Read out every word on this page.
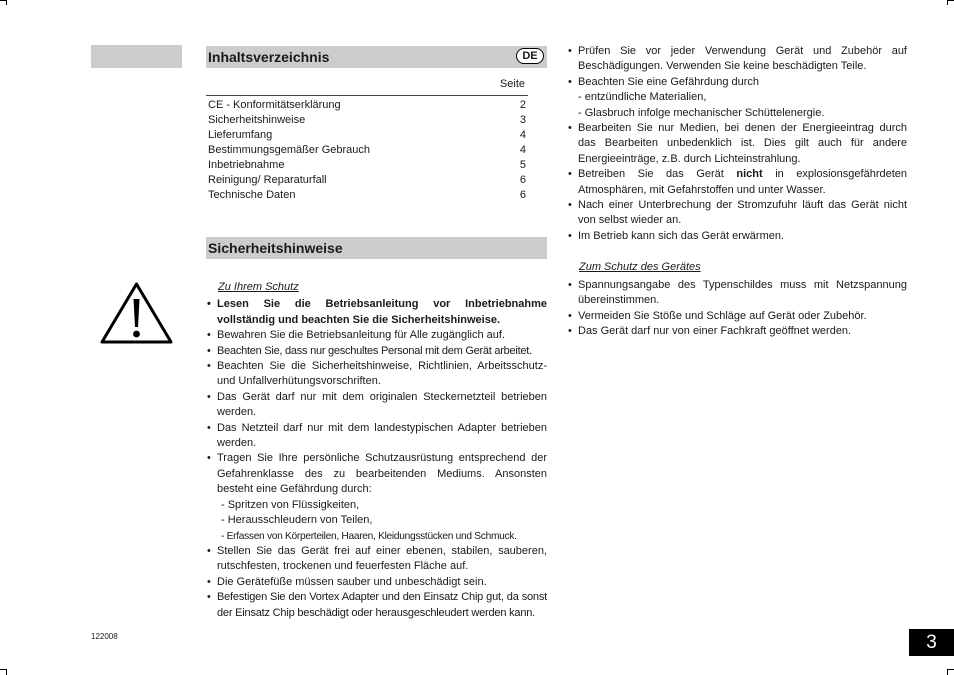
Inhaltsverzeichnis	DE
Seite
CE - Konformitätserklärung	2
Sicherheitshinweise	3
Lieferumfang	4
Bestimmungsgemäßer Gebrauch	4
Inbetriebnahme	5
Reinigung/ Reparaturfall	6
Technische Daten	6
Sicherheitshinweise

Zu Ihrem Schutz

• Lesen Sie die Betriebsanleitung vor Inbetriebnahme vollständig und beachten Sie die Sicherheitshinweise.
• Bewahren Sie die Betriebsanleitung für Alle zugänglich auf.
• Beachten Sie, dass nur geschultes Personal mit dem Gerät arbeitet.
• Beachten Sie die Sicherheitshinweise, Richtlinien, Arbeitsschutz- und Unfallverhütungsvorschriften.
• Das Gerät darf nur mit dem originalen Steckernetzteil betrieben werden.
• Das Netzteil darf nur mit dem landestypischen Adapter betrieben werden.
• Tragen Sie Ihre persönliche Schutzausrüstung entsprechend der Gefahrenklasse des zu bearbeitenden Mediums. Ansonsten besteht eine Gefährdung durch:

- Spritzen von Flüssigkeiten,

- Herausschleudern von Teilen,

- Erfassen von Körperteilen, Haaren, Kleidungsstücken und Schmuck.

• Stellen Sie das Gerät frei auf einer ebenen, stabilen, sauberen, rutschfesten, trockenen und feuerfesten Fläche auf.
• Die Gerätefüße müssen sauber und unbeschädigt sein.
• Befestigen Sie den Vortex Adapter und den Einsatz Chip gut, da sonst der Einsatz Chip beschädigt oder herausgeschleudert werden kann.
• Prüfen Sie vor jeder Verwendung Gerät und Zubehör auf Beschädigungen. Verwenden Sie keine beschädigten Teile.
• Beachten Sie eine Gefährdung durch

- entzündliche Materialien,

- Glasbruch infolge mechanischer Schüttelenergie.

• Bearbeiten Sie nur Medien, bei denen der Energieeintrag durch das Bearbeiten unbedenklich ist. Dies gilt auch für andere Energieeinträge, z.B. durch Lichteinstrahlung.
• Betreiben Sie das Gerät nicht in explosionsgefährdeten Atmosphären, mit Gefahrstoffen und unter Wasser.
• Nach einer Unterbrechung der Stromzufuhr läuft das Gerät nicht von selbst wieder an.
• Im Betrieb kann sich das Gerät erwärmen.

Zum Schutz des Gerätes

• Spannungsangabe des Typenschildes muss mit Netzspannung übereinstimmen.
• Vermeiden Sie Stöße und Schläge auf Gerät oder Zubehör.
• Das Gerät darf nur von einer Fachkraft geöffnet werden.
122008	3
